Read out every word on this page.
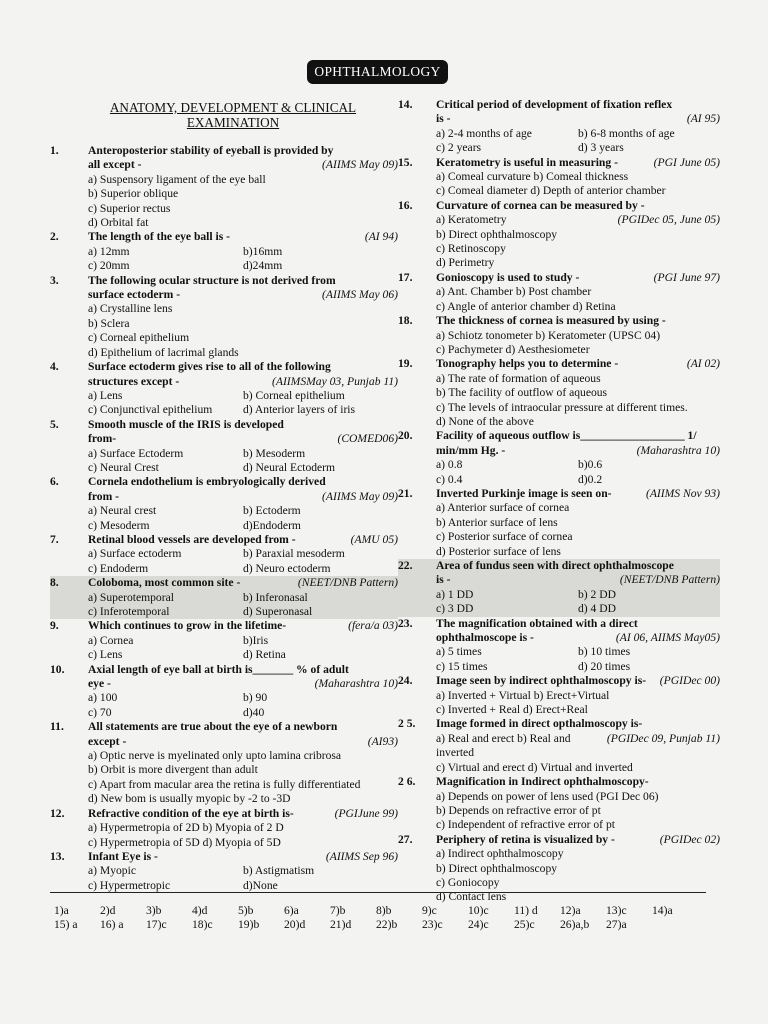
OPHTHALMOLOGY
ANATOMY, DEVELOPMENT & CLINICAL
EXAMINATION
1.	Anteroposterior stability of eyeball is provided by
all except -	(AIIMS May 09)
a) Suspensory ligament of the eye ball
b) Superior oblique
c) Superior rectus
d) Orbital fat
2.	The length of the eye ball is -	(AI 94)
a) 12mm	b)16mm
c) 20mm	d)24mm
3.	The following ocular structure is not derived from
surface ectoderm -	(AIIMS May 06)
a) Crystalline lens
b) Sclera
c) Corneal epithelium
d) Epithelium of lacrimal glands
4.	Surface ectoderm gives rise to all of the following
structures except -	(AIIMSMay 03, Punjab 11)
a) Lens	b) Corneal epithelium
c) Conjunctival epithelium	d) Anterior layers of iris
5.	Smooth muscle of the IRIS is developed
from-	(COMED06)
a) Surface Ectoderm	b) Mesoderm
c) Neural Crest	d) Neural Ectoderm
6.	Cornela endothelium is embryologically derived
from -	(AIIMS May 09)
a) Neural crest	b) Ectoderm
c) Mesoderm	d)Endoderm
7.	Retinal blood vessels are developed from -	(AMU 05)
a) Surface ectoderm	b) Paraxial mesoderm
c) Endoderm	d) Neuro ectoderm
8.	Coloboma, most common site -	(NEET/DNB Pattern)
a) Superotemporal	b) Inferonasal
c) Inferotemporal	d) Superonasal
9.	Which continues to grow in the lifetime-	(fera/a 03)
a) Cornea	b)Iris
c) Lens	d) Retina
10.	Axial length of eye ball at birth is_______ % of adult
eye -	(Maharashtra 10)
a) 100	b) 90
c) 70	d)40
11.	All statements are true about the eye of a newborn
except -	(AI93)
a) Optic nerve is myelinated only upto lamina cribrosa
b) Orbit is more divergent than adult
c) Apart from macular area the retina is fully differentiated
d) New bom is usually myopic by -2 to -3D
12.	Refractive condition of the eye at birth is-	(PGIJune 99)
a) Hypermetropia of 2D b) Myopia of 2 D
c) Hypermetropia of 5D d) Myopia of 5D
13.	Infant Eye is -	(AIIMS Sep 96)
a) Myopic	b) Astigmatism
c) Hypermetropic	d)None
14.	Critical period of development of fixation reflex
is -	(AI 95)
a) 2-4 months of age	b) 6-8 months of age
c) 2 years	d) 3 years
15.	Keratometry is useful in measuring -	(PGI June 05)
a) Comeal curvature b) Comeal thickness
c) Comeal diameter d) Depth of anterior chamber
16.	Curvature of cornea can be measured by -
a) Keratometry	(PGIDec 05, June 05)
b) Direct ophthalmoscopy
c) Retinoscopy
d) Perimetry
17.	Gonioscopy is used to study -	(PGI June 97)
a) Ant. Chamber b) Post chamber
c) Angle of anterior chamber d) Retina
18.	The thickness of cornea is measured by using -
a) Schiotz tonometer b) Keratometer (UPSC 04)
c) Pachymeter d) Aesthesiometer
19.	Tonography helps you to determine -	(AI 02)
a) The rate of formation of aqueous
b) The facility of outflow of aqueous
c) The levels of intraocular pressure at different times.
d) None of the above
20.	Facility of aqueous outflow is__________________ 1/
min/mm Hg. -	(Maharashtra 10)
a) 0.8	b)0.6
c) 0.4	d)0.2
21.	Inverted Purkinje image is seen on-	(AIIMS Nov 93)
a) Anterior surface of cornea
b) Anterior surface of lens
c) Posterior surface of cornea
d) Posterior surface of lens
22.	Area of fundus seen with direct ophthalmoscope
is -	(NEET/DNB Pattern)
a) 1 DD	b) 2 DD
c) 3 DD	d) 4 DD
23.	The magnification obtained with a direct
ophthalmoscope is -	(AI 06, AIIMS May05)
a) 5 times	b) 10 times
c) 15 times	d) 20 times
24.	Image seen by indirect ophthalmoscopy is- (PGIDec 00)
a) Inverted + Virtual b) Erect+Virtual
c) Inverted + Real d) Erect+Real
2 5.	Image formed in direct opthalmoscopy is-
(PGIDec 09, Punjab 11)
a) Real and erect b) Real and inverted
c) Virtual and erect d) Virtual and inverted
2 6.	Magnification in Indirect ophthalmoscopy-
a) Depends on power of lens used (PGI Dec 06)
b) Depends on refractive error of pt
c) Independent of refractive error of pt
27.	Periphery of retina is visualized by -	(PGIDec 02)
a) Indirect ophthalmoscopy
b) Direct ophthalmoscopy
c) Goniocopy
d) Contact lens
1)a	2)d	3)b	4)d	5)b	6)a	7)b	8)b	9)c	10)c	11) d	12)a	13)c	14)a
15) a	16) a	17)c	18)c	19)b	20)d	21)d	22)b	23)c	24)c	25)c	26)a,b	27)a
